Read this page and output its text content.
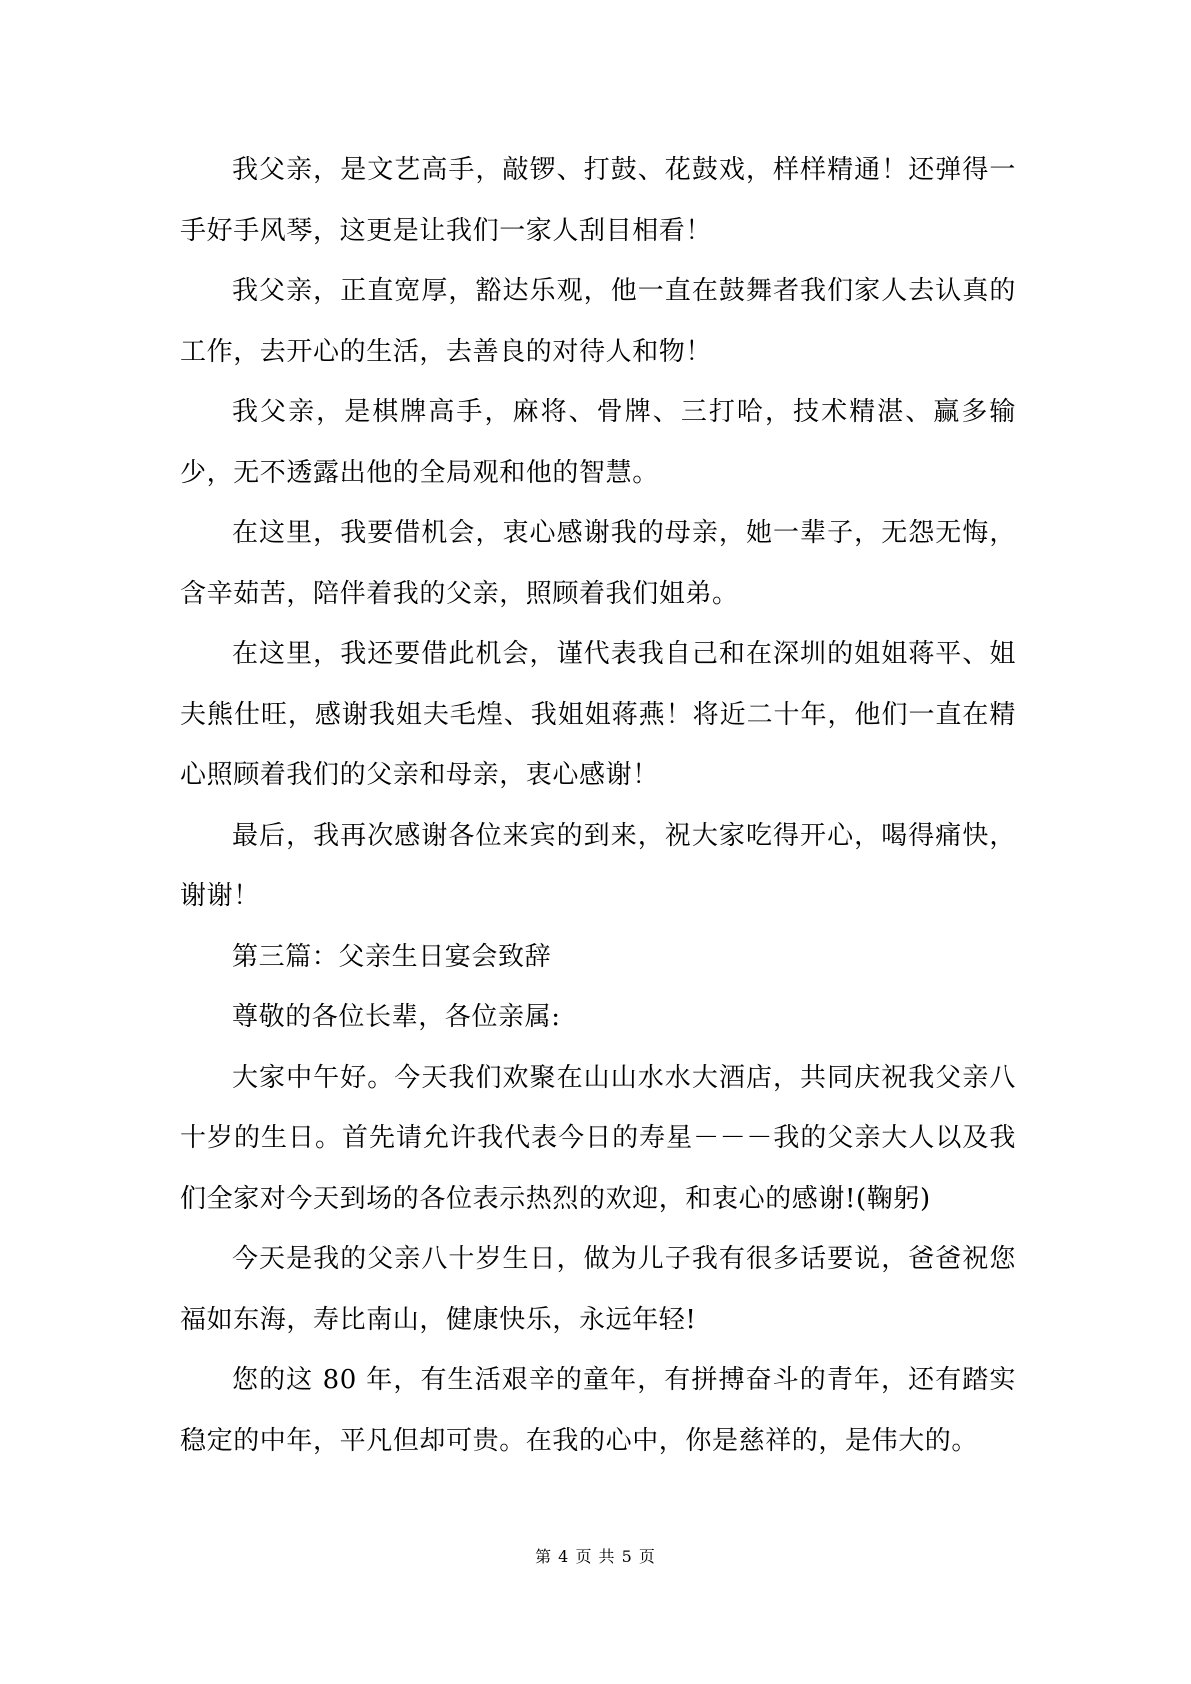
我父亲，是文艺高手，敲锣、打鼓、花鼓戏，样样精通！还弹得一手好手风琴，这更是让我们一家人刮目相看！

我父亲，正直宽厚，豁达乐观，他一直在鼓舞者我们家人去认真的工作，去开心的生活，去善良的对待人和物！

我父亲，是棋牌高手，麻将、骨牌、三打哈，技术精湛、赢多输少，无不透露出他的全局观和他的智慧。

在这里，我要借机会，衷心感谢我的母亲，她一辈子，无怨无悔，含辛茹苦，陪伴着我的父亲，照顾着我们姐弟。

在这里，我还要借此机会，谨代表我自己和在深圳的姐姐蒋平、姐夫熊仕旺，感谢我姐夫毛煌、我姐姐蒋燕！将近二十年，他们一直在精心照顾着我们的父亲和母亲，衷心感谢！

最后，我再次感谢各位来宾的到来，祝大家吃得开心，喝得痛快，谢谢！

第三篇：父亲生日宴会致辞

尊敬的各位长辈，各位亲属:

大家中午好。今天我们欢聚在山山水水大酒店，共同庆祝我父亲八十岁的生日。首先请允许我代表今日的寿星－－－我的父亲大人以及我们全家对今天到场的各位表示热烈的欢迎，和衷心的感谢!(鞠躬)

今天是我的父亲八十岁生日，做为儿子我有很多话要说，爸爸祝您福如东海，寿比南山，健康快乐，永远年轻!

您的这 80 年，有生活艰辛的童年，有拼搏奋斗的青年，还有踏实稳定的中年，平凡但却可贵。在我的心中，你是慈祥的，是伟大的。

第 4 页 共 5 页
